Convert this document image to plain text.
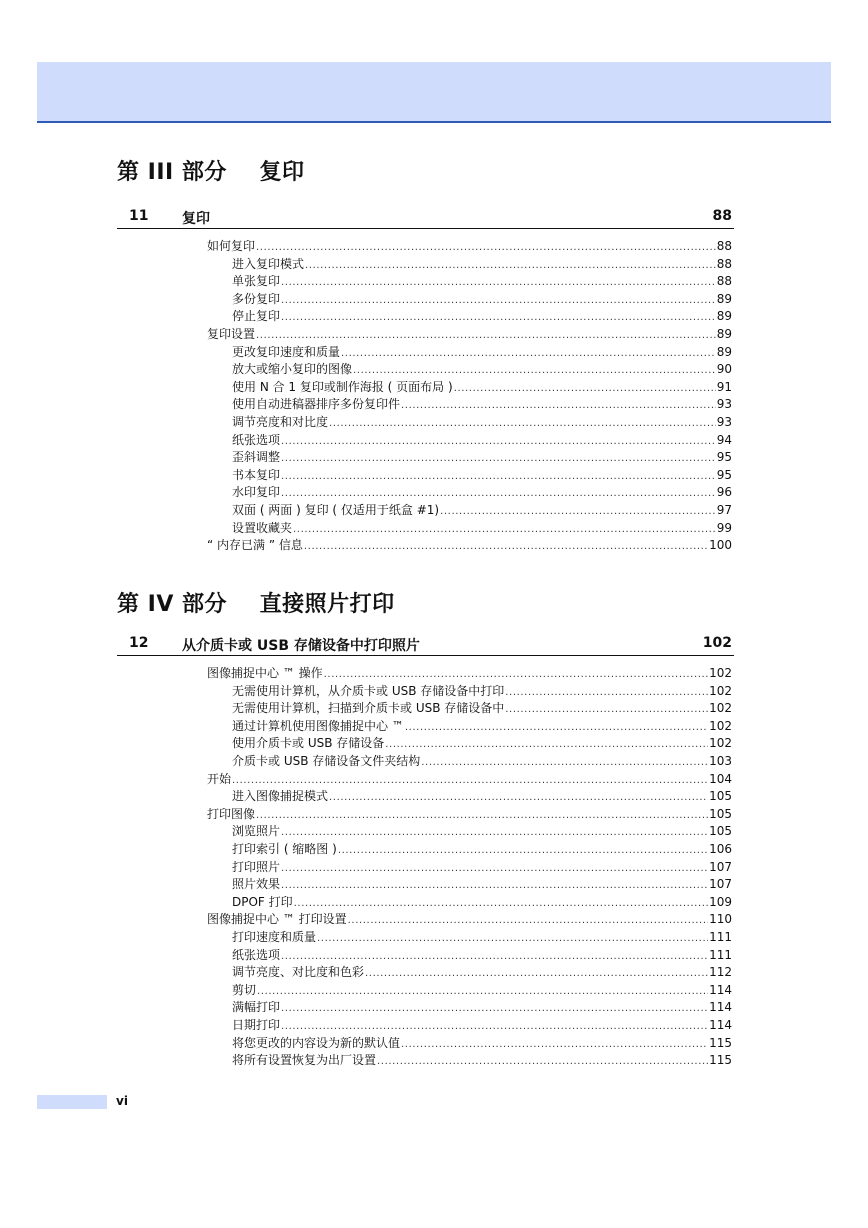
第 III 部分    复印
11 复印	88
如何复印 .....	88
进入复印模式 .....	88
单张复印 .....	88
多份复印 .....	89
停止复印 .....	89
复印设置 .....	89
更改复印速度和质量 .....	89
放大或缩小复印的图像 .....	90
使用 N 合 1 复印或制作海报 ( 页面布局 ) .....	91
使用自动进稿器排序多份复印件 .....	93
调节亮度和对比度 .....	93
纸张选项 .....	94
歪斜调整 .....	95
书本复印 .....	95
水印复印 .....	96
双面 ( 两面 ) 复印 ( 仅适用于纸盒 #1) .....	97
设置收藏夹 .....	99
“ 内存已满 ” 信息 .....	100
第 IV 部分    直接照片打印
12 从介质卡或 USB 存储设备中打印照片	102
图像捕捉中心 ™ 操作 .....	102
无需使用计算机，从介质卡或 USB 存储设备中打印 .....	102
无需使用计算机，扫描到介质卡或 USB 存储设备中 .....	102
通过计算机使用图像捕捉中心 ™ .....	102
使用介质卡或 USB 存储设备 .....	102
介质卡或 USB 存储设备文件夹结构 .....	103
开始 .....	104
进入图像捕捉模式 .....	105
打印图像 .....	105
浏览照片 .....	105
打印索引 ( 缩略图 ) .....	106
打印照片 .....	107
照片效果 .....	107
DPOF 打印 .....	109
图像捕捉中心 ™ 打印设置 .....	110
打印速度和质量 .....	111
纸张选项 .....	111
调节亮度、对比度和色彩 .....	112
剪切 .....	114
满幅打印 .....	114
日期打印 .....	114
将您更改的内容设为新的默认值 .....	115
将所有设置恢复为出厂设置 .....	115
vi
